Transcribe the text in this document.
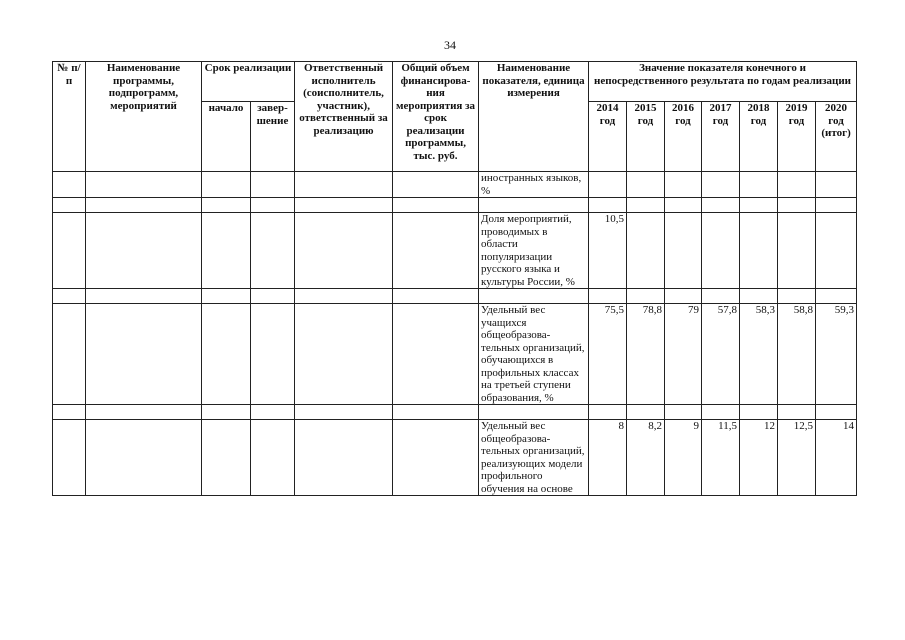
34
№ п/п	Наименование программы, подпрограмм, мероприятий	Срок реализации		Ответственный исполнитель (соисполнитель, участник), ответственный за реализацию	Общий объем финансирова-ния мероприятия за срок реализации программы, тыс. руб.	Наименование показателя, единица измерения	Значение показателя конечного и непосредственного результата по годам реализации						
		начало	завер-шение				2014 год	2015 год	2016 год	2017 год	2018 год	2019 год	2020 год (итог)
						иностранных языков, %							

						Доля мероприятий, проводимых в области популяризации русского языка и культуры России, %	10,5						

						Удельный вес учащихся общеобразова-тельных организаций, обучающихся в профильных классах на третьей ступени образования, %	75,5	78,8	79	57,8	58,3	58,8	59,3

						Удельный вес общеобразова-тельных организаций, реализующих модели профильного обучения на основе	8	8,2	9	11,5	12	12,5	14
